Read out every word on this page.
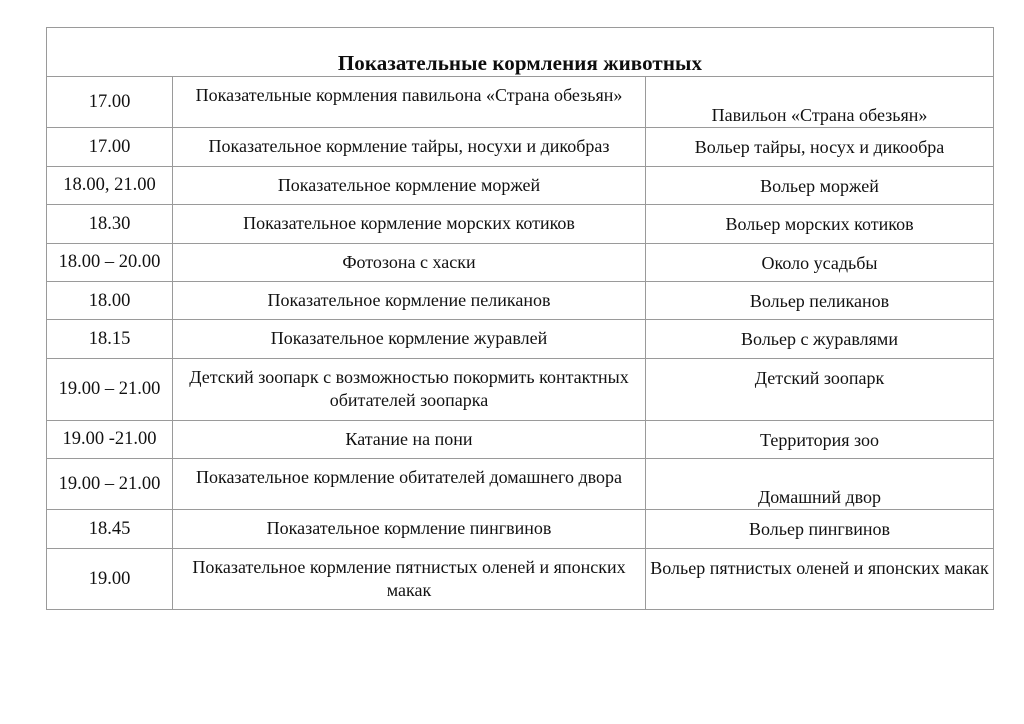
Показательные кормления животных		

17.00	Показательные кормления павильона «Страна обезьян»	Павильон «Страна обезьян»
17.00	Показательное кормление тайры, носухи и дикобраз	Вольер тайры, носух и дикообра
18.00, 21.00	Показательное кормление моржей	Вольер моржей
18.30	Показательное кормление морских котиков	Вольер морских котиков
18.00 – 20.00	Фотозона с хаски	Около усадьбы
18.00	Показательное кормление пеликанов	Вольер пеликанов
18.15	Показательное кормление журавлей	Вольер с журавлями
19.00 – 21.00	Детский зоопарк с возможностью покормить контактных обитателей зоопарка	Детский зоопарк
19.00 -21.00	Катание на пони	Территория зоо
19.00 – 21.00	Показательное кормление обитателей домашнего двора	Домашний двор
18.45	Показательное кормление пингвинов	Вольер пингвинов
19.00	Показательное кормление пятнистых оленей и японских макак	Вольер пятнистых оленей и японских макак
